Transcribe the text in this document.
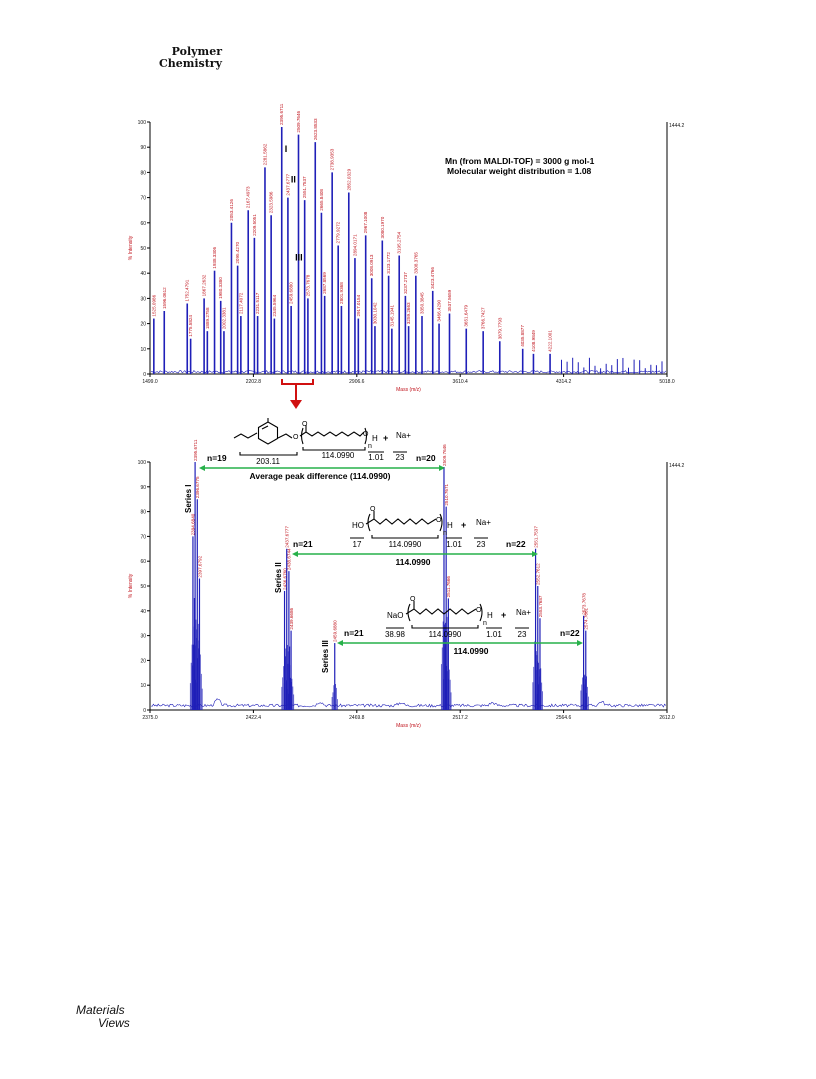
Polymer
Chemistry
0
10
20
30
40
50
60
70
80
90
100
1499.0	2202.8	2906.6	3610.4	4314.2	5018.0
Mass (m/z)
% Intensity
1444.2
1525.0986 1596.0612	1752.4791
1775.5824
1867.2632
1889.2758
1938.3306
1980.3380
2002.3381
2053.4126
2095.4270
2117.4072
2167.4973
2209.5051
2231.5117
2281.5862
2323.5986
2345.5964
2395.6711
2437.6777
2459.6880
2509.7646
2551.7537
2573.7678
2623.8533
2665.8408
2687.8569
2738.9353
2779.9272
2801.9368
2852.0329
2894.0171
2917.0154
2967.1008
3008.0913
3030.1042
3080.1970
3123.1772
3145.1941
3195.2754
3237.2737
3259.2663
3308.3765
3350.3845
3423.4766
3466.4290 3537.5659
3651.6479	3766.7427	3879.7793	4035.8877 4108.9849	4222.1001
I
II
III
Mn (from MALDI-TOF) = 3000 g mol-1
Molecular weight distribution = 1.08
0
10
20
30
40
50
60
70
80
90
100
2375.0	2422.4	2469.8	2517.2	2564.6	2612.0
Mass (m/z)
% Intensity
1444.2
2394.6840
2395.6711
2396.6775
2397.6792
2436.6760
2437.6777
2438.6744
2439.6686
2459.6880
2509.7646
2510.7671
2511.7666
2551.7537
2552.7612
2553.7687	2573.7678
2574.7661
Series I
Series II
Series III
n=19	n=20
Average peak difference (114.0990)
n=21	n=22
114.0990
n=21	n=22
114.0990
O
O	O
n
H + Na+
203.11
114.0990 1.01 23
HO
O
O
n
H + Na+
17	114.0990	1.01 23
NaO
O
O
n
H + Na+
38.98	114.0990	1.01 23
Materials
Views
